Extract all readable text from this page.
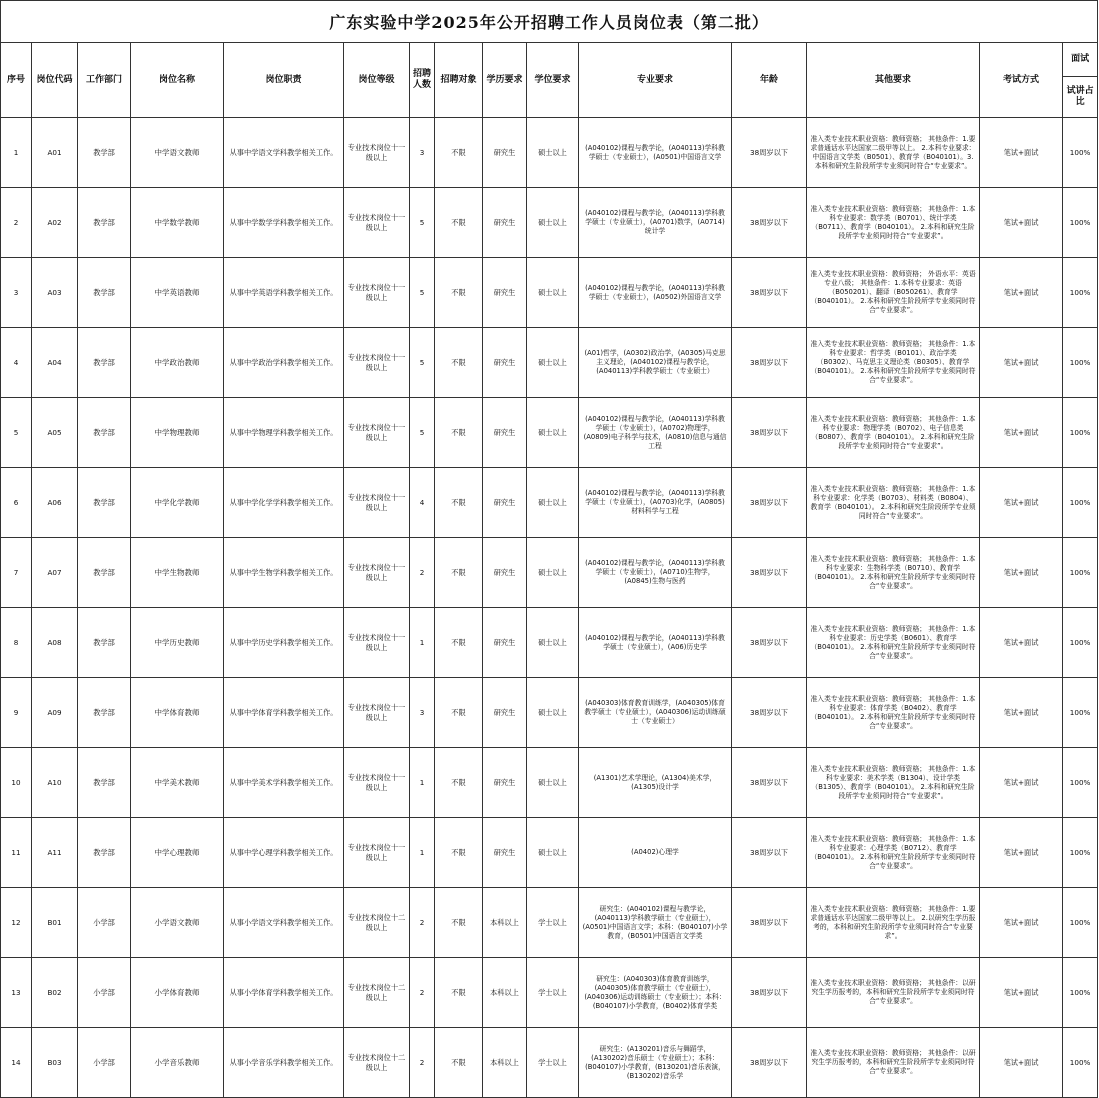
广东实验中学2025年公开招聘工作人员岗位表（第二批）														
序号	岗位代码	工作部门	岗位名称	岗位职责	岗位等级	招聘人数	招聘对象	学历要求	学位要求	专业要求	年龄	其他要求	考试方式	面试
														试讲占比
1	A01	教学部	中学语文教师	从事中学语文学科教学相关工作。	专业技术岗位十一级以上	3	不限	研究生	硕士以上	(A040102)课程与教学论，(A040113)学科教学硕士（专业硕士），(A0501)中国语言文学	38周岁以下	准入类专业技术职业资格：教师资格； 其他条件：1.要求普通话水平达国家二级甲等以上。 2.本科专业要求：中国语言文学类（B0501）、教育学（B040101）。3.本科和研究生阶段所学专业须同时符合“专业要求”。	笔试+面试	100%
2	A02	教学部	中学数学教师	从事中学数学学科教学相关工作。	专业技术岗位十一级以上	5	不限	研究生	硕士以上	(A040102)课程与教学论，(A040113)学科教学硕士（专业硕士），(A0701)数学，(A0714)统计学	38周岁以下	准入类专业技术职业资格：教师资格； 其他条件：1.本科专业要求：数学类（B0701）、统计学类（B0711）、教育学（B040101）。 2.本科和研究生阶段所学专业须同时符合“专业要求”。	笔试+面试	100%
3	A03	教学部	中学英语教师	从事中学英语学科教学相关工作。	专业技术岗位十一级以上	5	不限	研究生	硕士以上	(A040102)课程与教学论，(A040113)学科教学硕士（专业硕士），(A0502)外国语言文学	38周岁以下	准入类专业技术职业资格：教师资格； 外语水平：英语专业八级； 其他条件：1.本科专业要求：英语（B050201）、翻译（B050261）、教育学（B040101）。 2.本科和研究生阶段所学专业须同时符合“专业要求”。	笔试+面试	100%
4	A04	教学部	中学政治教师	从事中学政治学科教学相关工作。	专业技术岗位十一级以上	5	不限	研究生	硕士以上	(A01)哲学，(A0302)政治学，(A0305)马克思主义理论，(A040102)课程与教学论，(A040113)学科教学硕士（专业硕士）	38周岁以下	准入类专业技术职业资格：教师资格； 其他条件：1.本科专业要求：哲学类（B0101）、政治学类（B0302）、马克思主义理论类（B0305）、教育学（B040101）。 2.本科和研究生阶段所学专业须同时符合“专业要求”。	笔试+面试	100%
5	A05	教学部	中学物理教师	从事中学物理学科教学相关工作。	专业技术岗位十一级以上	5	不限	研究生	硕士以上	(A040102)课程与教学论，(A040113)学科教学硕士（专业硕士），(A0702)物理学，(A0809)电子科学与技术，(A0810)信息与通信工程	38周岁以下	准入类专业技术职业资格：教师资格； 其他条件：1.本科专业要求：物理学类（B0702）、电子信息类（B0807）、教育学（B040101）。 2.本科和研究生阶段所学专业须同时符合“专业要求”。	笔试+面试	100%
6	A06	教学部	中学化学教师	从事中学化学学科教学相关工作。	专业技术岗位十一级以上	4	不限	研究生	硕士以上	(A040102)课程与教学论，(A040113)学科教学硕士（专业硕士），(A0703)化学，(A0805)材料科学与工程	38周岁以下	准入类专业技术职业资格：教师资格； 其他条件：1.本科专业要求：化学类（B0703）、材料类（B0804）、教育学（B040101）。 2.本科和研究生阶段所学专业须同时符合“专业要求”。	笔试+面试	100%
7	A07	教学部	中学生物教师	从事中学生物学科教学相关工作。	专业技术岗位十一级以上	2	不限	研究生	硕士以上	(A040102)课程与教学论，(A040113)学科教学硕士（专业硕士），(A0710)生物学，(A0845)生物与医药	38周岁以下	准入类专业技术职业资格：教师资格； 其他条件：1.本科专业要求：生物科学类（B0710）、教育学（B040101）。 2.本科和研究生阶段所学专业须同时符合“专业要求”。	笔试+面试	100%
8	A08	教学部	中学历史教师	从事中学历史学科教学相关工作。	专业技术岗位十一级以上	1	不限	研究生	硕士以上	(A040102)课程与教学论，(A040113)学科教学硕士（专业硕士），(A06)历史学	38周岁以下	准入类专业技术职业资格：教师资格； 其他条件：1.本科专业要求：历史学类（B0601）、教育学（B040101）。 2.本科和研究生阶段所学专业须同时符合“专业要求”。	笔试+面试	100%
9	A09	教学部	中学体育教师	从事中学体育学科教学相关工作。	专业技术岗位十一级以上	3	不限	研究生	硕士以上	(A040303)体育教育训练学，(A040305)体育教学硕士（专业硕士），(A040306)运动训练硕士（专业硕士）	38周岁以下	准入类专业技术职业资格：教师资格； 其他条件：1.本科专业要求：体育学类（B0402）、教育学（B040101）。 2.本科和研究生阶段所学专业须同时符合“专业要求”。	笔试+面试	100%
10	A10	教学部	中学美术教师	从事中学美术学科教学相关工作。	专业技术岗位十一级以上	1	不限	研究生	硕士以上	(A1301)艺术学理论，(A1304)美术学，(A1305)设计学	38周岁以下	准入类专业技术职业资格：教师资格； 其他条件：1.本科专业要求：美术学类（B1304）、设计学类（B1305）、教育学（B040101）。 2.本科和研究生阶段所学专业须同时符合“专业要求”。	笔试+面试	100%
11	A11	教学部	中学心理教师	从事中学心理学科教学相关工作。	专业技术岗位十一级以上	1	不限	研究生	硕士以上	(A0402)心理学	38周岁以下	准入类专业技术职业资格：教师资格； 其他条件：1.本科专业要求：心理学类（B0712）、教育学（B040101）。 2.本科和研究生阶段所学专业须同时符合“专业要求”。	笔试+面试	100%
12	B01	小学部	小学语文教师	从事小学语文学科教学相关工作。	专业技术岗位十二级以上	2	不限	本科以上	学士以上	研究生：(A040102)课程与教学论，(A040113)学科教学硕士（专业硕士），(A0501)中国语言文学；本科：(B040107)小学教育，(B0501)中国语言文学类	38周岁以下	准入类专业技术职业资格：教师资格； 其他条件：1.要求普通话水平达国家二级甲等以上。 2.以研究生学历报考的，本科和研究生阶段所学专业须同时符合“专业要求”。	笔试+面试	100%
13	B02	小学部	小学体育教师	从事小学体育学科教学相关工作。	专业技术岗位十二级以上	2	不限	本科以上	学士以上	研究生：(A040303)体育教育训练学，(A040305)体育教学硕士（专业硕士），(A040306)运动训练硕士（专业硕士）；本科：(B040107)小学教育，(B0402)体育学类	38周岁以下	准入类专业技术职业资格：教师资格； 其他条件：以研究生学历报考的，本科和研究生阶段所学专业须同时符合“专业要求”。	笔试+面试	100%
14	B03	小学部	小学音乐教师	从事小学音乐学科教学相关工作。	专业技术岗位十二级以上	2	不限	本科以上	学士以上	研究生：(A130201)音乐与舞蹈学，(A130202)音乐硕士（专业硕士）；本科：(B040107)小学教育，(B130201)音乐表演，(B130202)音乐学	38周岁以下	准入类专业技术职业资格：教师资格； 其他条件：以研究生学历报考的，本科和研究生阶段所学专业须同时符合“专业要求”。	笔试+面试	100%
